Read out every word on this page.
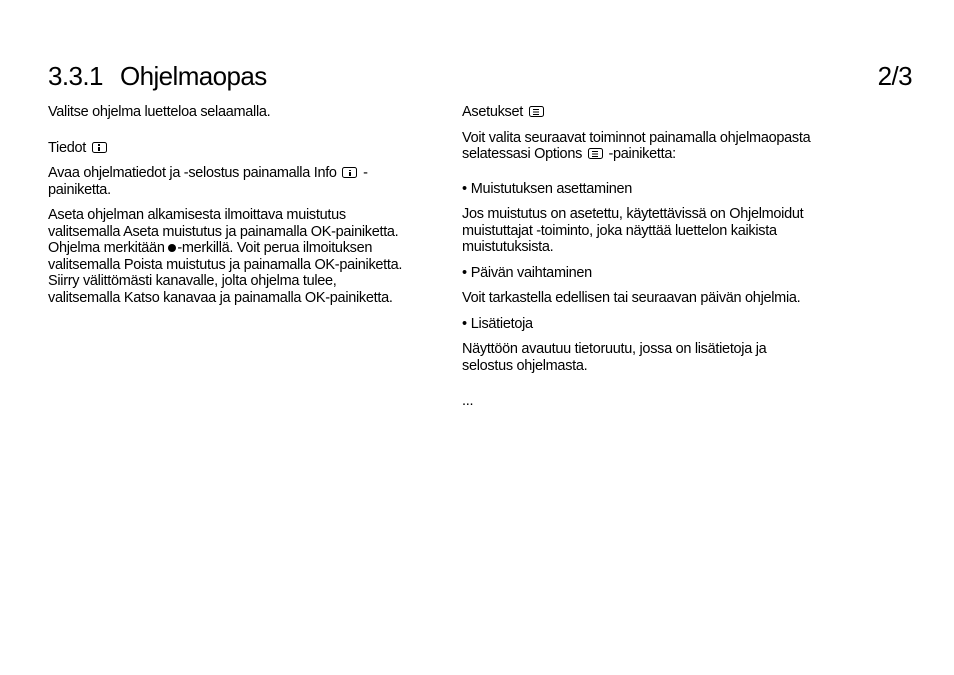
3.3.1 Ohjelmaopas	2/3

Valitse ohjelma luetteloa selaamalla.

Tiedot

Avaa ohjelmatiedot ja -selostus painamalla Info -
painiketta.

Aseta ohjelman alkamisesta ilmoittava muistutus
valitsemalla Aseta muistutus ja painamalla OK-painiketta.
Ohjelma merkitään -merkillä. Voit perua ilmoituksen
valitsemalla Poista muistutus ja painamalla OK-painiketta.
Siirry välittömästi kanavalle, jolta ohjelma tulee,
valitsemalla Katso kanavaa ja painamalla OK-painiketta.

Asetukset

Voit valita seuraavat toiminnot painamalla ohjelmaopasta
selatessasi Options -painiketta:

• Muistutuksen asettaminen

Jos muistutus on asetettu, käytettävissä on Ohjelmoidut
muistuttajat -toiminto, joka näyttää luettelon kaikista
muistutuksista.

• Päivän vaihtaminen

Voit tarkastella edellisen tai seuraavan päivän ohjelmia.

• Lisätietoja

Näyttöön avautuu tietoruutu, jossa on lisätietoja ja
selostus ohjelmasta.

...
